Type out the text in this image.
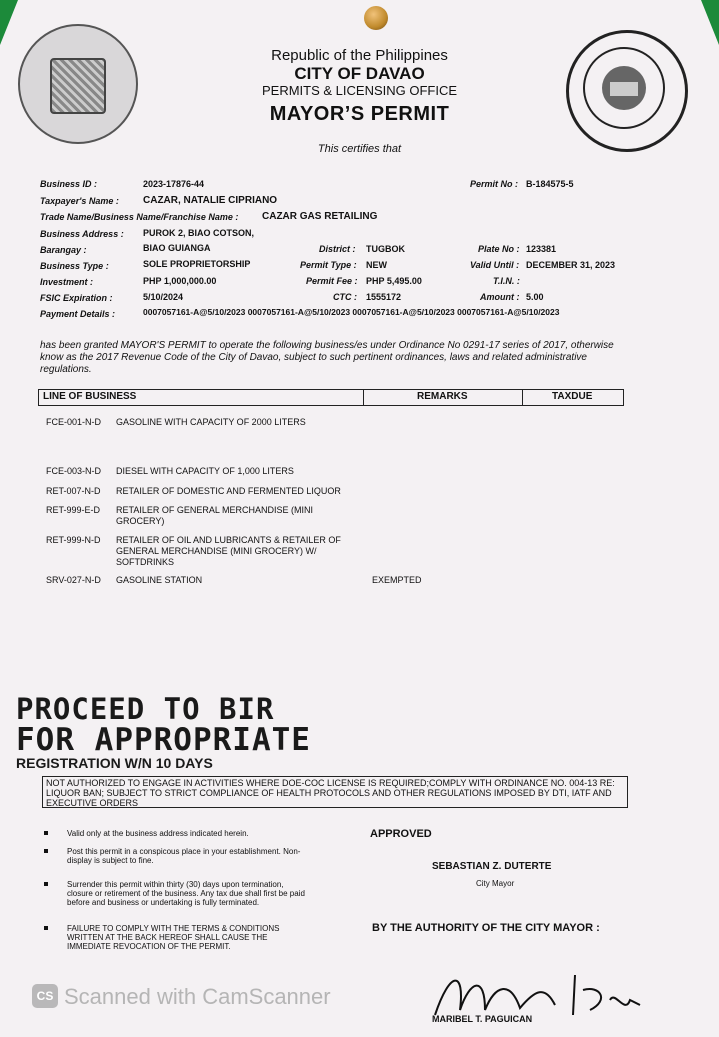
Republic of the Philippines
CITY OF DAVAO
PERMITS & LICENSING OFFICE
MAYOR’S PERMIT
This certifies that
Business ID :	2023-17876-44	Permit No : B-184575-5
Taxpayer's Name : CAZAR, NATALIE CIPRIANO
Trade Name/Business Name/Franchise Name : CAZAR GAS RETAILING
Business Address : PUROK 2, BIAO COTSON,
Barangay :	BIAO GUIANGA	District : TUGBOK	Plate No : 123381
Business Type :	SOLE PROPRIETORSHIP	Permit Type : NEW	Valid Until : DECEMBER 31, 2023
Investment :	PHP 1,000,000.00	Permit Fee : PHP 5,495.00	T.I.N. :
FSIC Expiration :	5/10/2024	CTC : 1555172	Amount : 5.00
Payment Details :	0007057161-A@5/10/2023 0007057161-A@5/10/2023 0007057161-A@5/10/2023 0007057161-A@5/10/2023
has been granted MAYOR'S PERMIT to operate the following business/es under Ordinance No 0291-17 series of 2017, otherwise know as the 2017 Revenue Code of the City of Davao, subject to such pertinent ordinances, laws and related administrative regulations.
LINE OF BUSINESS	REMARKS	TAXDUE
FCE-001-N-D GASOLINE WITH CAPACITY OF 2000 LITERS
FCE-003-N-D DIESEL WITH CAPACITY OF 1,000 LITERS
RET-007-N-D RETAILER OF DOMESTIC AND FERMENTED LIQUOR
RET-999-E-D RETAILER OF GENERAL MERCHANDISE (MINI GROCERY)
RET-999-N-D RETAILER OF OIL AND LUBRICANTS & RETAILER OF GENERAL MERCHANDISE (MINI GROCERY) W/ SOFTDRINKS
SRV-027-N-D GASOLINE STATION	EXEMPTED
PROCEED TO BIR
FOR APPROPRIATE
REGISTRATION W/N 10 DAYS
NOT AUTHORIZED TO ENGAGE IN ACTIVITIES WHERE DOE-COC LICENSE IS REQUIRED;COMPLY WITH ORDINANCE NO. 004-13 RE: LIQUOR BAN; SUBJECT TO STRICT COMPLIANCE OF HEALTH PROTOCOLS AND OTHER REGULATIONS IMPOSED BY DTI, IATF AND EXECUTIVE ORDERS
Valid only at the business address indicated herein.
Post this permit in a conspicous place in your establishment. Non-display is subject to fine.
Surrender this permit within thirty (30) days upon termination, closure or retirement of the business. Any tax due shall first be paid before and business or undertaking is fully terminated.
FAILURE TO COMPLY WITH THE TERMS & CONDITIONS WRITTEN AT THE BACK HEREOF SHALL CAUSE THE IMMEDIATE REVOCATION OF THE PERMIT.
APPROVED
SEBASTIAN Z. DUTERTE
City Mayor
BY THE AUTHORITY OF THE CITY MAYOR :
MARIBEL T. PAGUICAN
CS Scanned with CamScanner
